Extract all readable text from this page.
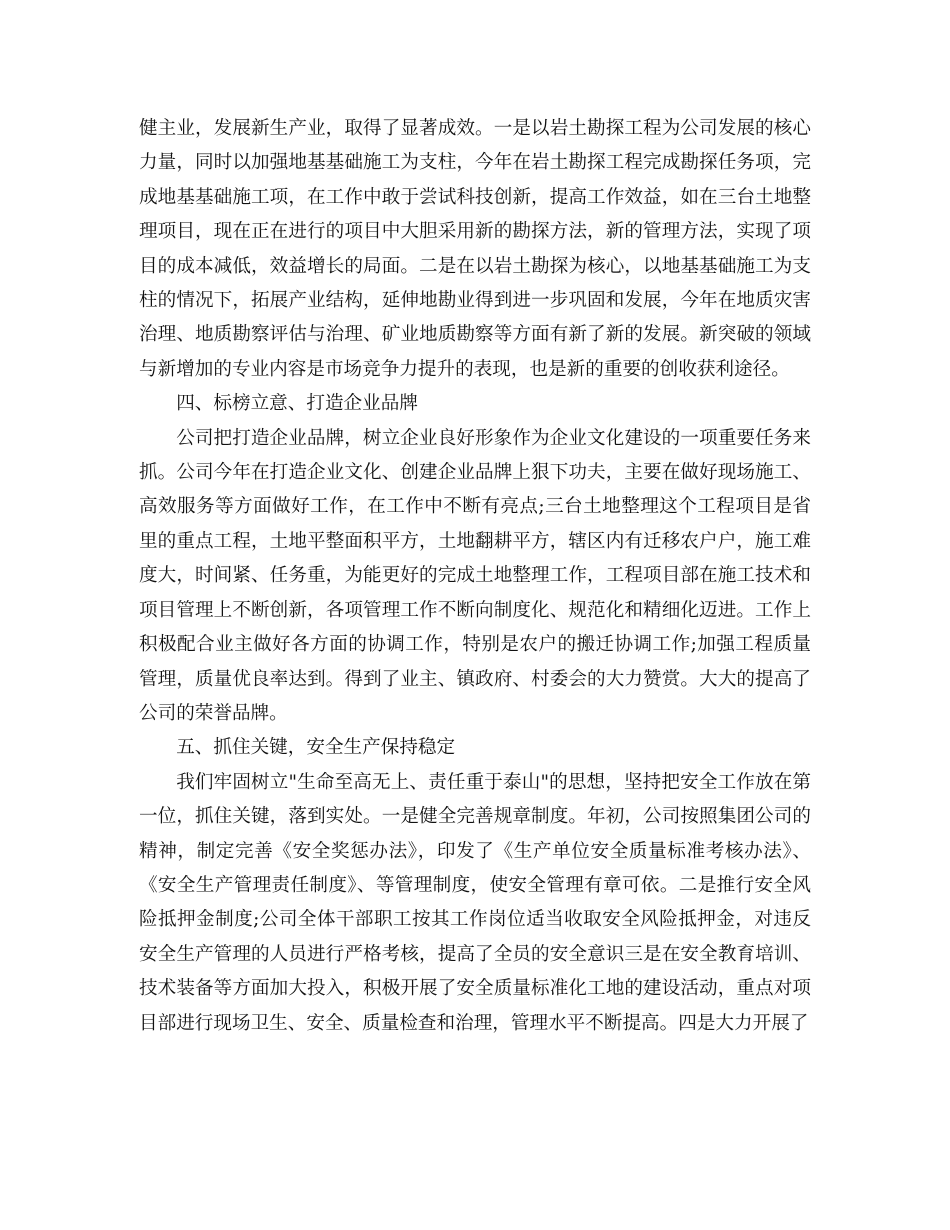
健主业，发展新生产业，取得了显著成效。一是以岩土勘探工程为公司发展的核心力量，同时以加强地基基础施工为支柱，今年在岩土勘探工程完成勘探任务项，完成地基基础施工项，在工作中敢于尝试科技创新，提高工作效益，如在三台土地整理项目，现在正在进行的项目中大胆采用新的勘探方法，新的管理方法，实现了项目的成本减低，效益增长的局面。二是在以岩土勘探为核心，以地基基础施工为支柱的情况下，拓展产业结构，延伸地勘业得到进一步巩固和发展，今年在地质灾害治理、地质勘察评估与治理、矿业地质勘察等方面有新了新的发展。新突破的领域与新增加的专业内容是市场竞争力提升的表现，也是新的重要的创收获利途径。

四、标榜立意、打造企业品牌

公司把打造企业品牌，树立企业良好形象作为企业文化建设的一项重要任务来抓。公司今年在打造企业文化、创建企业品牌上狠下功夫，主要在做好现场施工、高效服务等方面做好工作，在工作中不断有亮点;三台土地整理这个工程项目是省里的重点工程，土地平整面积平方，土地翻耕平方，辖区内有迁移农户户，施工难度大，时间紧、任务重，为能更好的完成土地整理工作，工程项目部在施工技术和项目管理上不断创新，各项管理工作不断向制度化、规范化和精细化迈进。工作上积极配合业主做好各方面的协调工作，特别是农户的搬迁协调工作;加强工程质量管理，质量优良率达到。得到了业主、镇政府、村委会的大力赞赏。大大的提高了公司的荣誉品牌。

五、抓住关键，安全生产保持稳定

我们牢固树立"生命至高无上、责任重于泰山"的思想，坚持把安全工作放在第一位，抓住关键，落到实处。一是健全完善规章制度。年初，公司按照集团公司的精神，制定完善《安全奖惩办法》，印发了《生产单位安全质量标准考核办法》、《安全生产管理责任制度》、等管理制度，使安全管理有章可依。二是推行安全风险抵押金制度;公司全体干部职工按其工作岗位适当收取安全风险抵押金，对违反安全生产管理的人员进行严格考核，提高了全员的安全意识三是在安全教育培训、技术装备等方面加大投入，积极开展了安全质量标准化工地的建设活动，重点对项目部进行现场卫生、安全、质量检查和治理，管理水平不断提高。四是大力开展了
